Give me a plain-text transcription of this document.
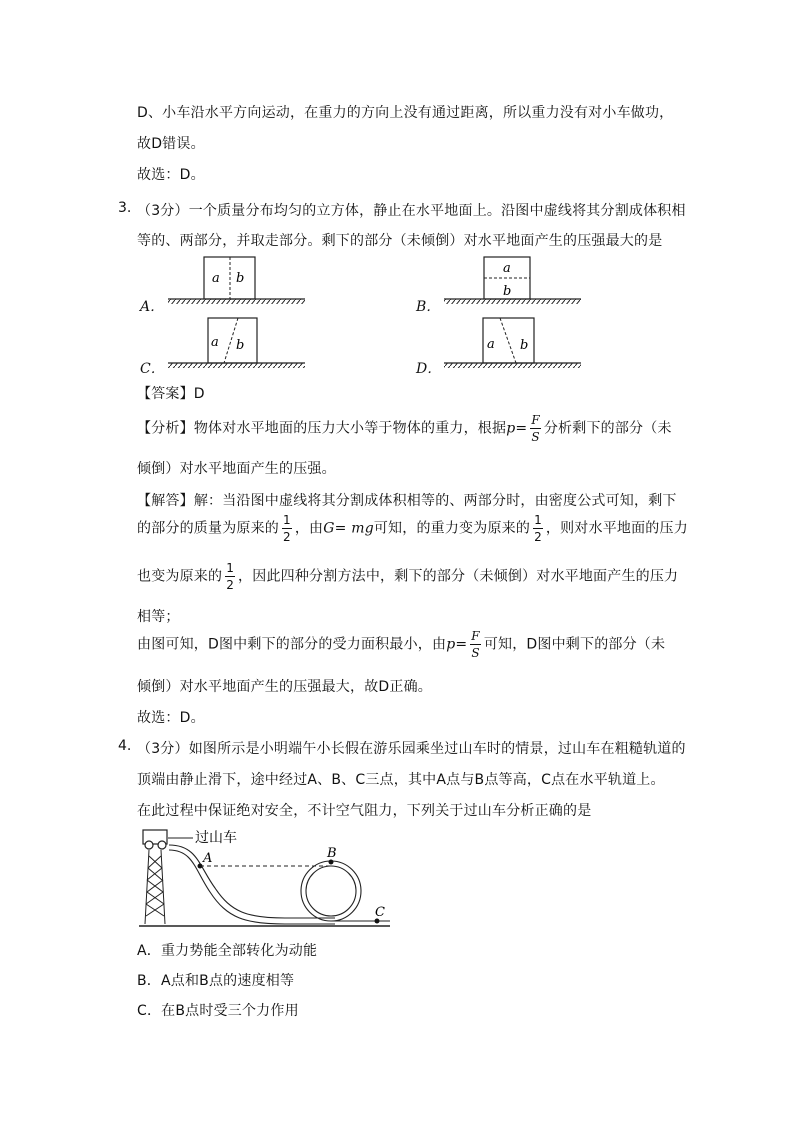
D、小车沿水平方向运动，在重力的方向上没有通过距离，所以重力没有对小车做功，
故D错误。
故选：D。
3. （3分）一个质量分布均匀的立方体，静止在水平地面上。沿图中虚线将其分割成体积相
等的、两部分，并取走部分。剩下的部分（未倾倒）对水平地面产生的压强最大的是
a b
a
b
a b	a b
A．	B．
C．	D．
【答案】D
【分析】物体对水平地面的压力大小等于物体的重力，根据$p= \frac{F}{S}$ 分析剩下的部分（未
倾倒）对水平地面产生的压强。
【解答】解：当沿图中虚线将其分割成体积相等的、两部分时，由密度公式可知，剩下
的部分的质量为原来的 $\frac{1}{2}$ ，由G= mg可知，的重力变为原来的 $\frac{1}{2}$ ，则对水平地面的压力
也变为原来的 $\frac{1}{2}$ ，因此四种分割方法中，剩下的部分（未倾倒）对水平地面产生的压力
相等；
由图可知，D图中剩下的部分的受力面积最小，由$p= \frac{F}{S}$ 可知，D图中剩下的部分（未
倾倒）对水平地面产生的压强最大，故D正确。
故选：D。
4. （3分）如图所示是小明端午小长假在游乐园乘坐过山车时的情景，过山车在粗糙轨道的
顶端由静止滑下，途中经过A、B、C三点，其中A点与B点等高，C点在水平轨道上。
在此过程中保证绝对安全，不计空气阻力，下列关于过山车分析正确的是
过山车
A	B
C
A．重力势能全部转化为动能
B．A点和B点的速度相等
C．在B点时受三个力作用
